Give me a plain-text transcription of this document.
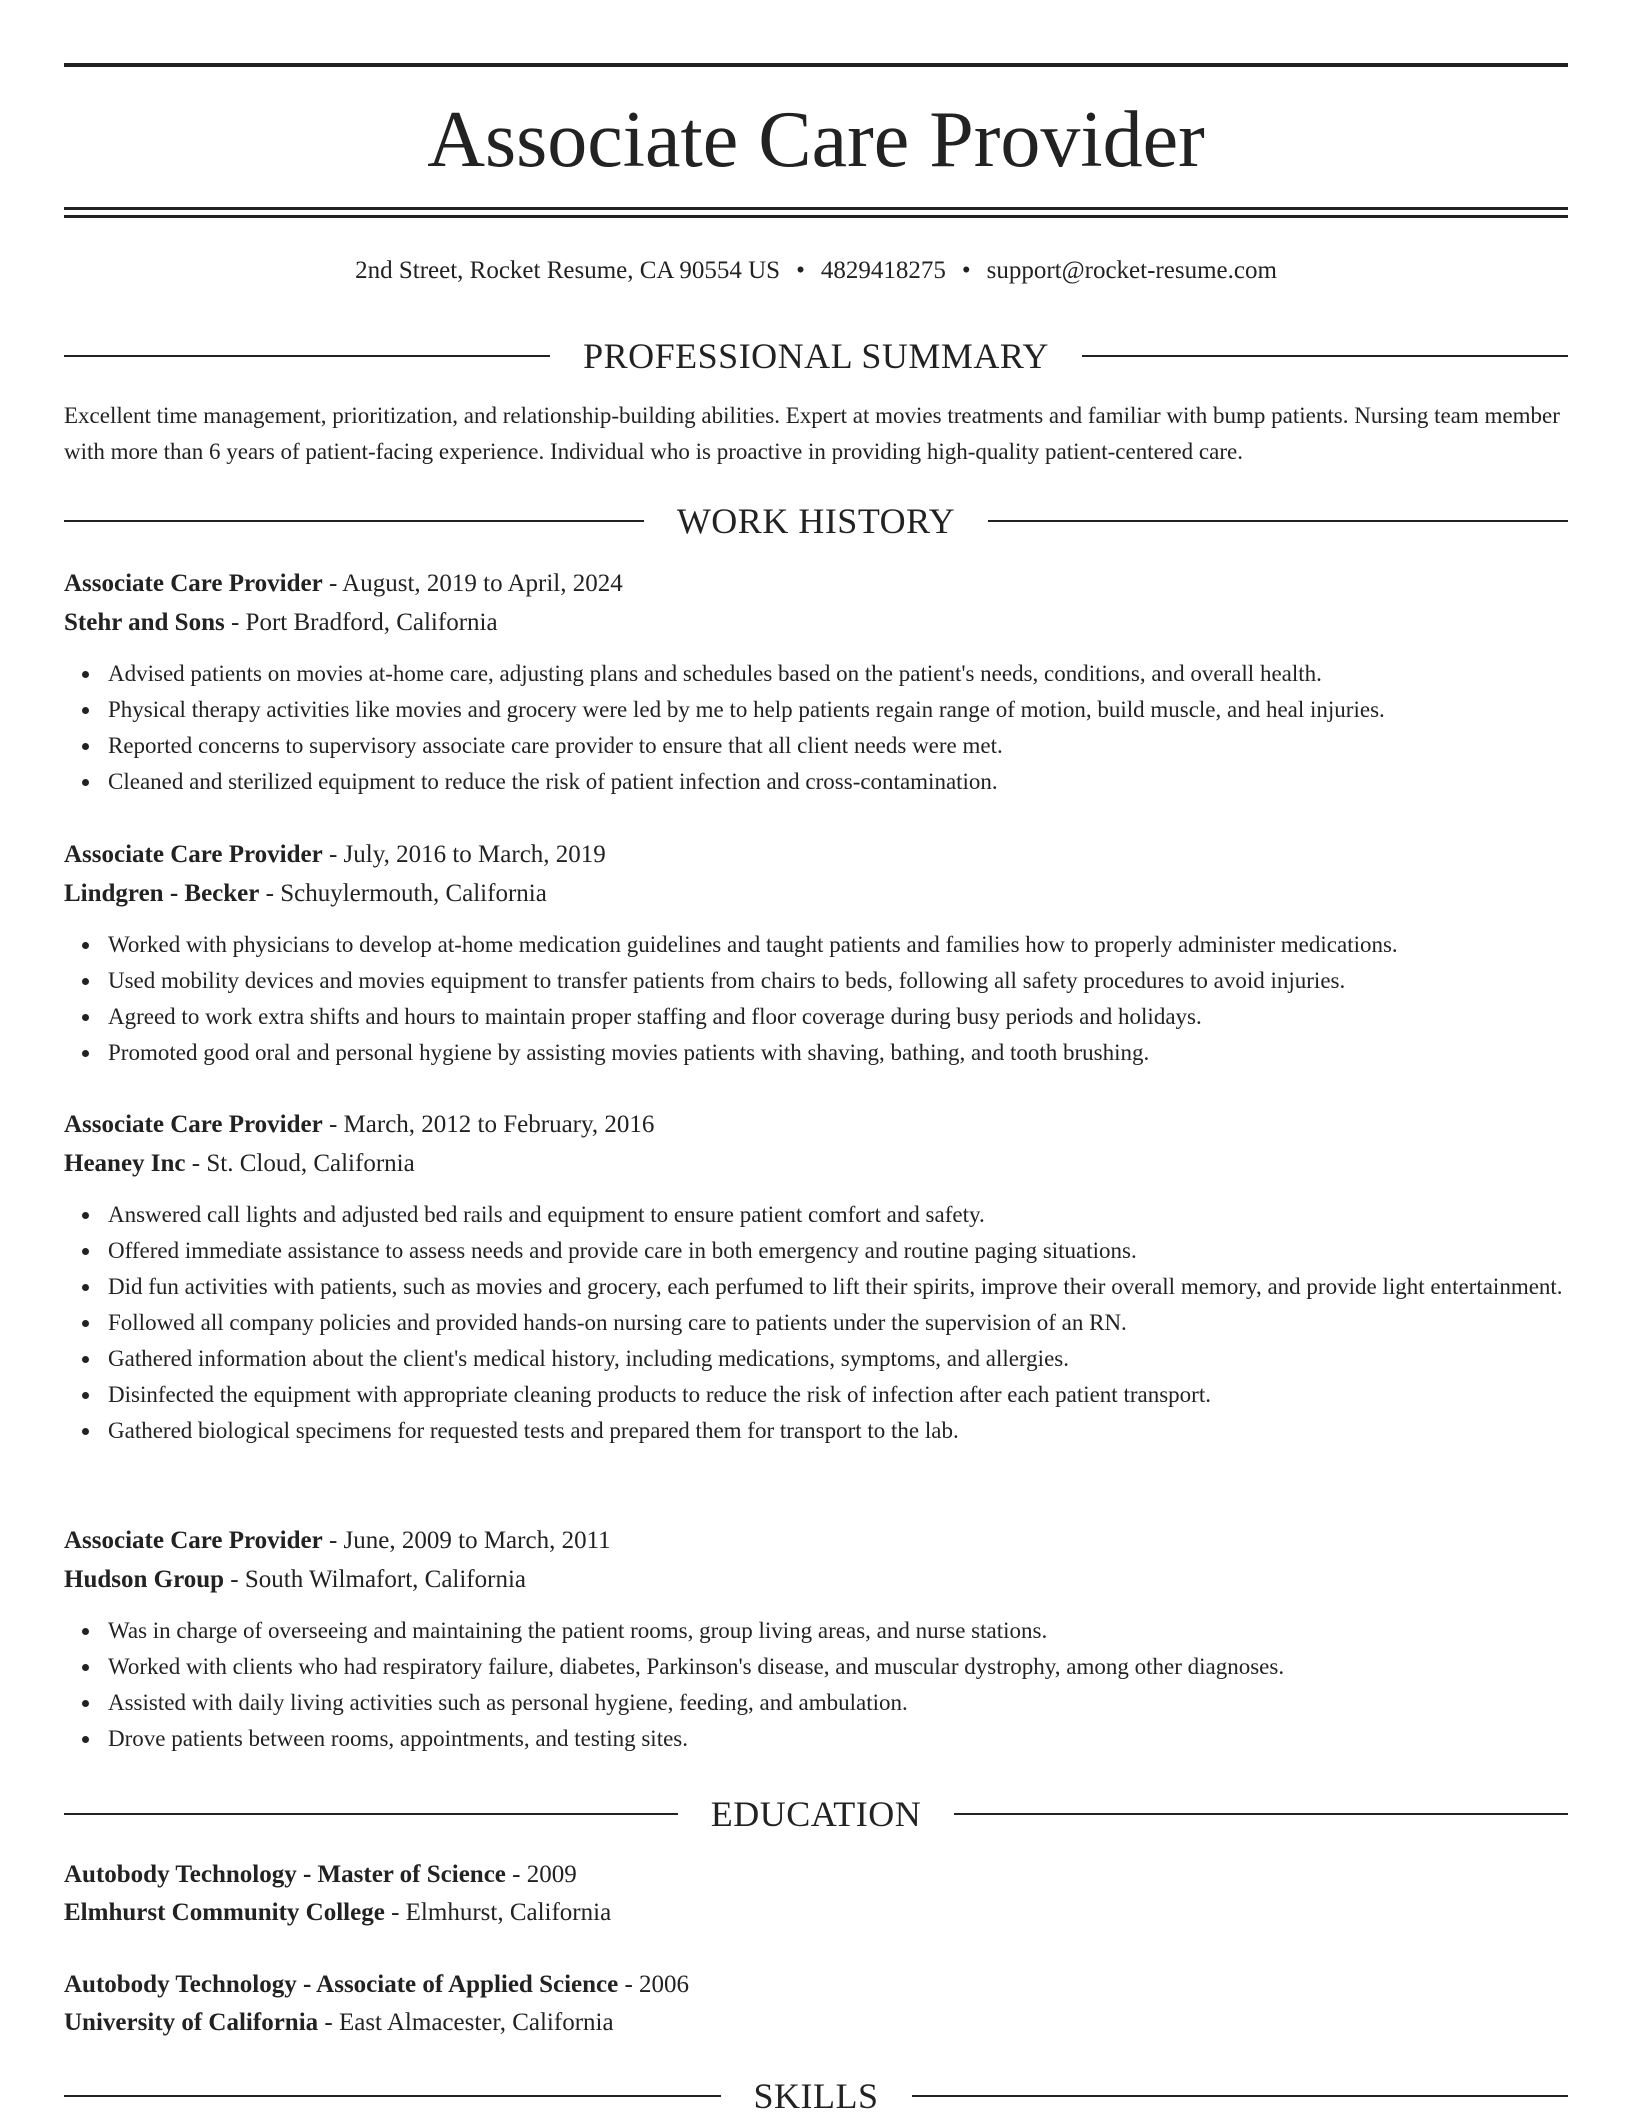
Associate Care Provider
2nd Street, Rocket Resume, CA 90554 US • 4829418275 • support@rocket-resume.com
PROFESSIONAL SUMMARY

Excellent time management, prioritization, and relationship-building abilities. Expert at movies treatments and familiar with bump patients. Nursing team member with more than 6 years of patient-facing experience. Individual who is proactive in providing high-quality patient-centered care.

WORK HISTORY
Associate Care Provider - August, 2019 to April, 2024
Stehr and Sons - Port Bradford, California
Advised patients on movies at-home care, adjusting plans and schedules based on the patient's needs, conditions, and overall health.
Physical therapy activities like movies and grocery were led by me to help patients regain range of motion, build muscle, and heal injuries.
Reported concerns to supervisory associate care provider to ensure that all client needs were met.
Cleaned and sterilized equipment to reduce the risk of patient infection and cross-contamination.
Associate Care Provider - July, 2016 to March, 2019
Lindgren - Becker - Schuylermouth, California
Worked with physicians to develop at-home medication guidelines and taught patients and families how to properly administer medications.
Used mobility devices and movies equipment to transfer patients from chairs to beds, following all safety procedures to avoid injuries.
Agreed to work extra shifts and hours to maintain proper staffing and floor coverage during busy periods and holidays.
Promoted good oral and personal hygiene by assisting movies patients with shaving, bathing, and tooth brushing.
Associate Care Provider - March, 2012 to February, 2016
Heaney Inc - St. Cloud, California
Answered call lights and adjusted bed rails and equipment to ensure patient comfort and safety.
Offered immediate assistance to assess needs and provide care in both emergency and routine paging situations.
Did fun activities with patients, such as movies and grocery, each perfumed to lift their spirits, improve their overall memory, and provide light entertainment.
Followed all company policies and provided hands-on nursing care to patients under the supervision of an RN.
Gathered information about the client's medical history, including medications, symptoms, and allergies.
Disinfected the equipment with appropriate cleaning products to reduce the risk of infection after each patient transport.
Gathered biological specimens for requested tests and prepared them for transport to the lab.
Associate Care Provider - June, 2009 to March, 2011
Hudson Group - South Wilmafort, California
Was in charge of overseeing and maintaining the patient rooms, group living areas, and nurse stations.
Worked with clients who had respiratory failure, diabetes, Parkinson's disease, and muscular dystrophy, among other diagnoses.
Assisted with daily living activities such as personal hygiene, feeding, and ambulation.
Drove patients between rooms, appointments, and testing sites.
EDUCATION
Autobody Technology - Master of Science - 2009
Elmhurst Community College - Elmhurst, California
Autobody Technology - Associate of Applied Science - 2006
University of California - East Almacester, California
SKILLS
